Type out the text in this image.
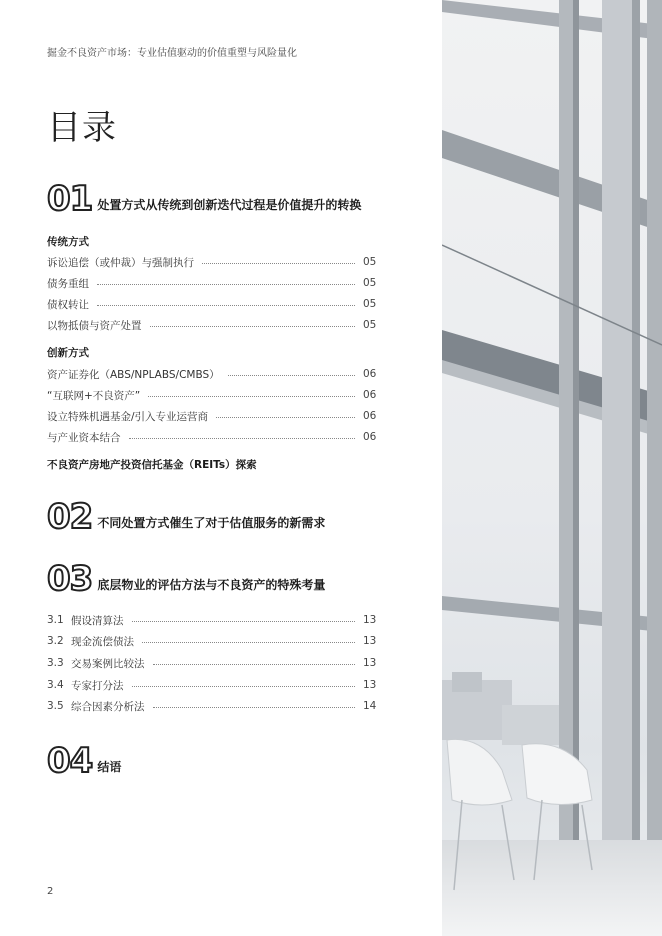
掘金不良资产市场：专业估值驱动的价值重塑与风险量化
目录
01 处置方式从传统到创新迭代过程是价值提升的转换
传统方式
诉讼追偿（或仲裁）与强制执行	05
债务重组	05
债权转让	05
以物抵债与资产处置	05
创新方式
资产证券化（ABS/NPLABS/CMBS）	06
“互联网+不良资产”	06
设立特殊机遇基金/引入专业运营商	06
与产业资本结合	06
不良资产房地产投资信托基金（REITs）探索
02 不同处置方式催生了对于估值服务的新需求
03 底层物业的评估方法与不良资产的特殊考量
3.1 假设清算法	13
3.2 现金流偿债法	13
3.3 交易案例比较法	13
3.4 专家打分法	13
3.5 综合因素分析法	14
04 结语
2
